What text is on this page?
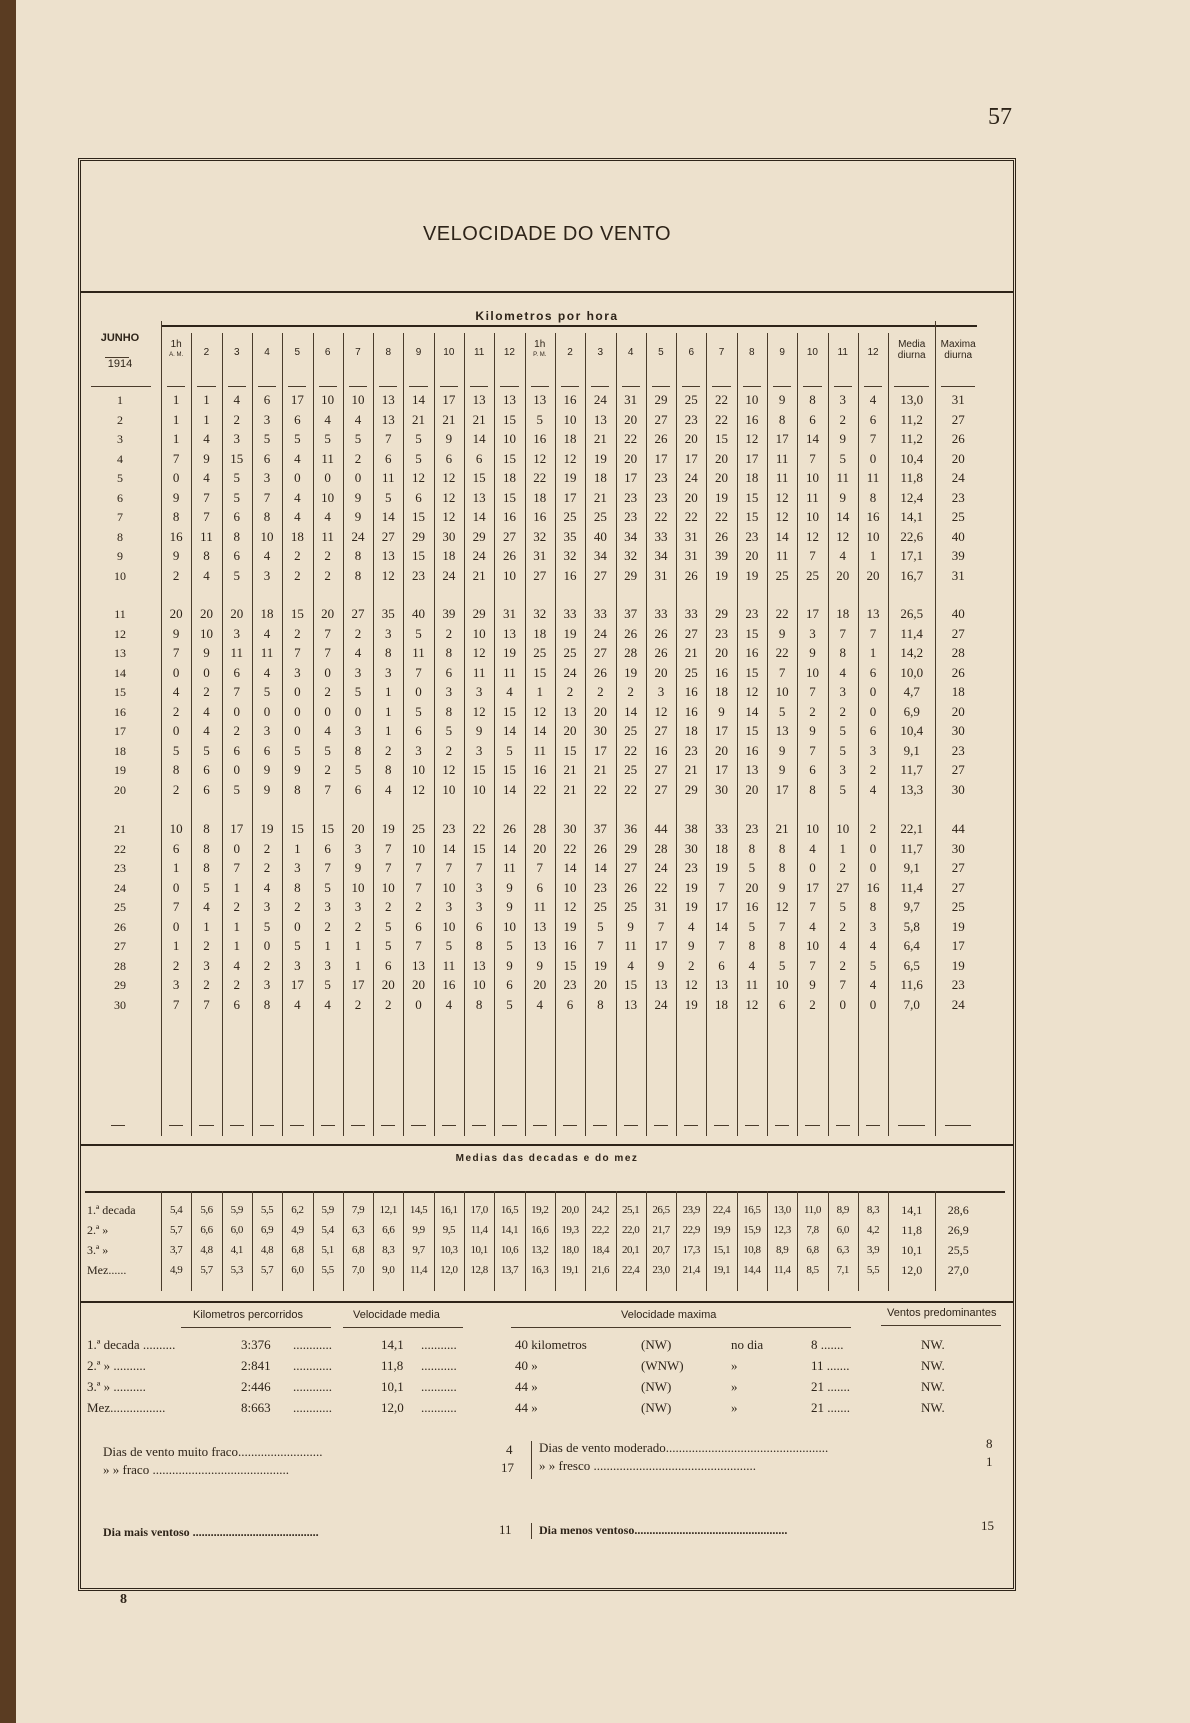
57
VELOCIDADE DO VENTO
Kilometros por hora
JUNHO
1914
1h
A. M.	2	3	4	5	6	7	8	9	10	11	12
1h
P. M.	2	3	4	5	6	7	8	9	10	11	12
Media diurna
Maxima diurna
1	1	1	4	6	17	10	10	13	14	17	13	13	13	16	24	31	29	25	22	10	9	8	3	4	13,0	31
2	1	1	2	3	6	4	4	13	21	21	21	15	5	10	13	20	27	23	22	16	8	6	2	6	11,2	27
3	1	4	3	5	5	5	5	7	5	9	14	10	16	18	21	22	26	20	15	12	17	14	9	7	11,2	26
4	7	9	15	6	4	11	2	6	5	6	6	15	12	12	19	20	17	17	20	17	11	7	5	0	10,4	20
5	0	4	5	3	0	0	0	11	12	12	15	18	22	19	18	17	23	24	20	18	11	10	11	11	11,8	24
6	9	7	5	7	4	10	9	5	6	12	13	15	18	17	21	23	23	20	19	15	12	11	9	8	12,4	23
7	8	7	6	8	4	4	9	14	15	12	14	16	16	25	25	23	22	22	22	15	12	10	14	16	14,1	25
8	16	11	8	10	18	11	24	27	29	30	29	27	32	35	40	34	33	31	26	23	14	12	12	10	22,6	40
9	9	8	6	4	2	2	8	13	15	18	24	26	31	32	34	32	34	31	39	20	11	7	4	1	17,1	39
10	2	4	5	3	2	2	8	12	23	24	21	10	27	16	27	29	31	26	19	19	25	25	20	20	16,7	31
11	20	20	20	18	15	20	27	35	40	39	29	31	32	33	33	37	33	33	29	23	22	17	18	13	26,5	40
12	9	10	3	4	2	7	2	3	5	2	10	13	18	19	24	26	26	27	23	15	9	3	7	7	11,4	27
13	7	9	11	11	7	7	4	8	11	8	12	19	25	25	27	28	26	21	20	16	22	9	8	1	14,2	28
14	0	0	6	4	3	0	3	3	7	6	11	11	15	24	26	19	20	25	16	15	7	10	4	6	10,0	26
15	4	2	7	5	0	2	5	1	0	3	3	4	1	2	2	2	3	16	18	12	10	7	3	0	4,7	18
16	2	4	0	0	0	0	0	1	5	8	12	15	12	13	20	14	12	16	9	14	5	2	2	0	6,9	20
17	0	4	2	3	0	4	3	1	6	5	9	14	14	20	30	25	27	18	17	15	13	9	5	6	10,4	30
18	5	5	6	6	5	5	8	2	3	2	3	5	11	15	17	22	16	23	20	16	9	7	5	3	9,1	23
19	8	6	0	9	9	2	5	8	10	12	15	15	16	21	21	25	27	21	17	13	9	6	3	2	11,7	27
20	2	6	5	9	8	7	6	4	12	10	10	14	22	21	22	22	27	29	30	20	17	8	5	4	13,3	30
21	10	8	17	19	15	15	20	19	25	23	22	26	28	30	37	36	44	38	33	23	21	10	10	2	22,1	44
22	6	8	0	2	1	6	3	7	10	14	15	14	20	22	26	29	28	30	18	8	8	4	1	0	11,7	30
23	1	8	7	2	3	7	9	7	7	7	7	11	7	14	14	27	24	23	19	5	8	0	2	0	9,1	27
24	0	5	1	4	8	5	10	10	7	10	3	9	6	10	23	26	22	19	7	20	9	17	27	16	11,4	27
25	7	4	2	3	2	3	3	2	2	3	3	9	11	12	25	25	31	19	17	16	12	7	5	8	9,7	25
26	0	1	1	5	0	2	2	5	6	10	6	10	13	19	5	9	7	4	14	5	7	4	2	3	5,8	19
27	1	2	1	0	5	1	1	5	7	5	8	5	13	16	7	11	17	9	7	8	8	10	4	4	6,4	17
28	2	3	4	2	3	3	1	6	13	11	13	9	9	15	19	4	9	2	6	4	5	7	2	5	6,5	19
29	3	2	2	3	17	5	17	20	20	16	10	6	20	23	20	15	13	12	13	11	10	9	7	4	11,6	23
30	7	7	6	8	4	4	2	2	0	4	8	5	4	6	8	13	24	19	18	12	6	2	0	0	7,0	24
1.ª decada	5,4	5,6	5,9	5,5	6,2	5,9	7,9	12,1	14,5	16,1	17,0	16,5	19,2	20,0	24,2	25,1	26,5	23,9	22,4	16,5	13,0	11,0	8,9	8,3	14,1	28,6
2.ª »	5,7	6,6	6,0	6,9	4,9	5,4	6,3	6,6	9,9	9,5	11,4	14,1	16,6	19,3	22,2	22,0	21,7	22,9	19,9	15,9	12,3	7,8	6,0	4,2	11,8	26,9
3.ª »	3,7	4,8	4,1	4,8	6,8	5,1	6,8	8,3	9,7	10,3	10,1	10,6	13,2	18,0	18,4	20,1	20,7	17,3	15,1	10,8	8,9	6,8	6,3	3,9	10,1	25,5
Mez......	4,9	5,7	5,3	5,7	6,0	5,5	7,0	9,0	11,4	12,0	12,8	13,7	16,3	19,1	21,6	22,4	23,0	21,4	19,1	14,4	11,4	8,5	7,1	5,5	12,0	27,0
Medias das decadas e do mez
Kilometros percorridos	Velocidade media	Velocidade maxima	Ventos predominantes
1.ª decada ..........	3:376 ............	14,1 ...........	40 kilometros	(NW)	no dia	8 .......	NW.
2.ª » ..........	2:841 ............	11,8 ...........	40 »	(WNW)	»	11 .......	NW.
3.ª » ..........	2:446 ............	10,1 ...........	44 »	(NW)	»	21 .......	NW.
Mez.................	8:663 ............	12,0 ...........	44 »	(NW)	»	21 .......	NW.
Dias de vento muito fraco..........................	4
» » fraco ..........................................	17
Dias de vento moderado..................................................	8
» » fresco ..................................................	1
Dia mais ventoso ..........................................	11 Dia menos ventoso...................................................	15
8
